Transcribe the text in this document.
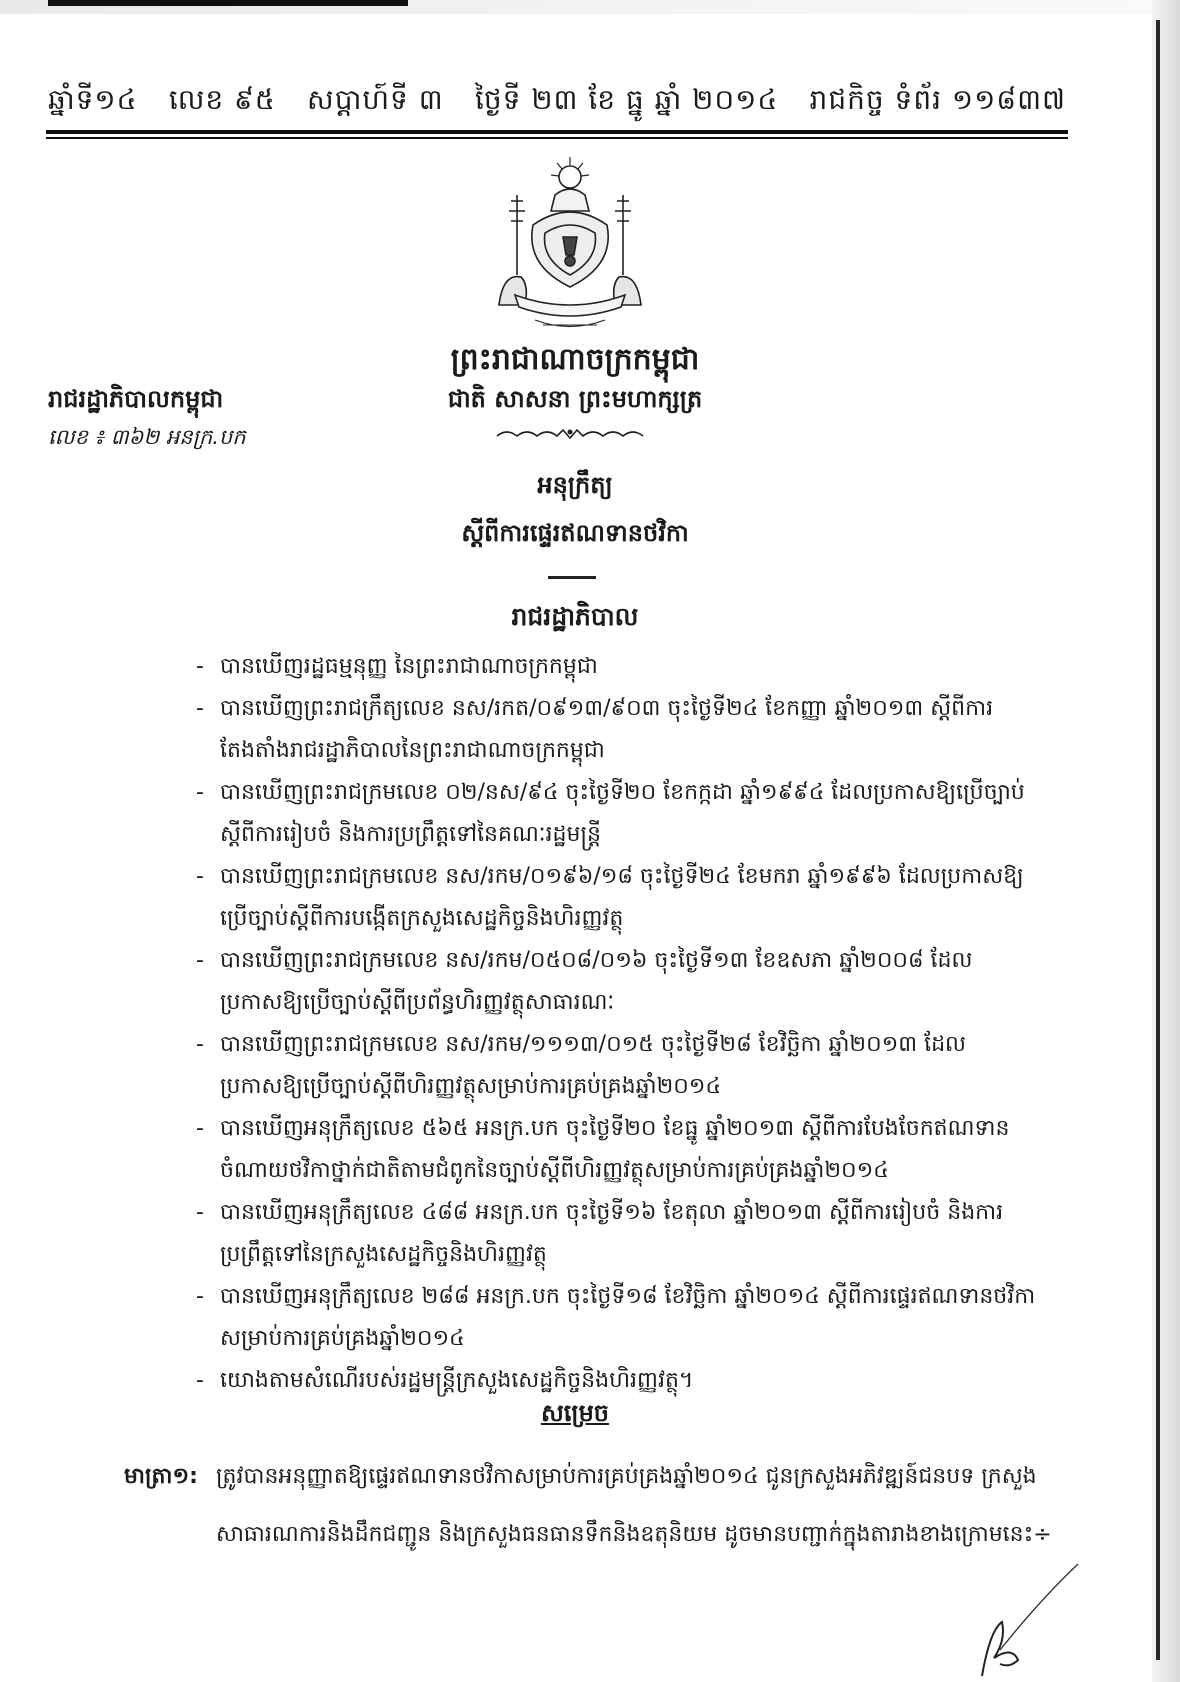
ឆ្នាំទី១៤ លេខ ៩៥ សប្ដាហ៍ទី ៣ ថ្ងៃទី ២៣ ខែ ធ្នូ ឆ្នាំ ២០១៤ រាជកិច្ច ទំព័រ ១១៨៣៧
ព្រះរាជាណាចក្រកម្ពុជា
ជាតិ សាសនា ព្រះមហាក្សត្រ
រាជរដ្ឋាភិបាលកម្ពុជា
លេខ ៖ ៣៦២ អនក្រ.បក
អនុក្រឹត្យ
ស្ដីពីការផ្ទេរឥណទានថវិកា
រាជរដ្ឋាភិបាល
- បានឃើញរដ្ឋធម្មនុញ្ញ នៃព្រះរាជាណាចក្រកម្ពុជា
- បានឃើញព្រះរាជក្រឹត្យលេខ នស/រកត/០៩១៣/៩០៣ ចុះថ្ងៃទី២៤ ខែកញ្ញា ឆ្នាំ២០១៣ ស្ដីពីការតែងតាំងរាជរដ្ឋាភិបាលនៃព្រះរាជាណាចក្រកម្ពុជា
- បានឃើញព្រះរាជក្រមលេខ ០២/នស/៩៤ ចុះថ្ងៃទី២០ ខែកក្កដា ឆ្នាំ១៩៩៤ ដែលប្រកាសឱ្យប្រើច្បាប់ស្ដីពីការរៀបចំ និងការប្រព្រឹត្តទៅនៃគណៈរដ្ឋមន្ត្រី
- បានឃើញព្រះរាជក្រមលេខ នស/រកម/០១៩៦/១៨ ចុះថ្ងៃទី២៤ ខែមករា ឆ្នាំ១៩៩៦ ដែលប្រកាសឱ្យប្រើច្បាប់ស្ដីពីការបង្កើតក្រសួងសេដ្ឋកិច្ចនិងហិរញ្ញវត្ថុ
- បានឃើញព្រះរាជក្រមលេខ នស/រកម/០៥០៨/០១៦ ចុះថ្ងៃទី១៣ ខែឧសភា ឆ្នាំ២០០៨ ដែលប្រកាសឱ្យប្រើច្បាប់ស្ដីពីប្រព័ន្ធហិរញ្ញវត្ថុសាធារណៈ
- បានឃើញព្រះរាជក្រមលេខ នស/រកម/១១១៣/០១៥ ចុះថ្ងៃទី២៨ ខែវិច្ឆិកា ឆ្នាំ២០១៣ ដែលប្រកាសឱ្យប្រើច្បាប់ស្ដីពីហិរញ្ញវត្ថុសម្រាប់ការគ្រប់គ្រងឆ្នាំ២០១៤
- បានឃើញអនុក្រឹត្យលេខ ៥៦៥ អនក្រ.បក ចុះថ្ងៃទី២០ ខែធ្នូ ឆ្នាំ២០១៣ ស្ដីពីការបែងចែកឥណទានចំណាយថវិកាថ្នាក់ជាតិតាមជំពូកនៃច្បាប់ស្ដីពីហិរញ្ញវត្ថុសម្រាប់ការគ្រប់គ្រងឆ្នាំ២០១៤
- បានឃើញអនុក្រឹត្យលេខ ៤៨៨ អនក្រ.បក ចុះថ្ងៃទី១៦ ខែតុលា ឆ្នាំ២០១៣ ស្ដីពីការរៀបចំ និងការប្រព្រឹត្តទៅនៃក្រសួងសេដ្ឋកិច្ចនិងហិរញ្ញវត្ថុ
- បានឃើញអនុក្រឹត្យលេខ ២៨៨ អនក្រ.បក ចុះថ្ងៃទី១៨ ខែវិច្ឆិកា ឆ្នាំ២០១៤ ស្ដីពីការផ្ទេរឥណទានថវិកាសម្រាប់ការគ្រប់គ្រងឆ្នាំ២០១៤
- យោងតាមសំណើរបស់រដ្ឋមន្ត្រីក្រសួងសេដ្ឋកិច្ចនិងហិរញ្ញវត្ថុ។
សម្រេច
មាត្រា១: ត្រូវបានអនុញ្ញាតឱ្យផ្ទេរឥណទានថវិកាសម្រាប់ការគ្រប់គ្រងឆ្នាំ២០១៤ ជូនក្រសួងអភិវឌ្ឍន៍ជនបទ ក្រសួងសាធារណការនិងដឹកជញ្ជូន និងក្រសួងធនធានទឹកនិងឧតុនិយម ដូចមានបញ្ជាក់ក្នុងតារាងខាងក្រោមនេះ÷
